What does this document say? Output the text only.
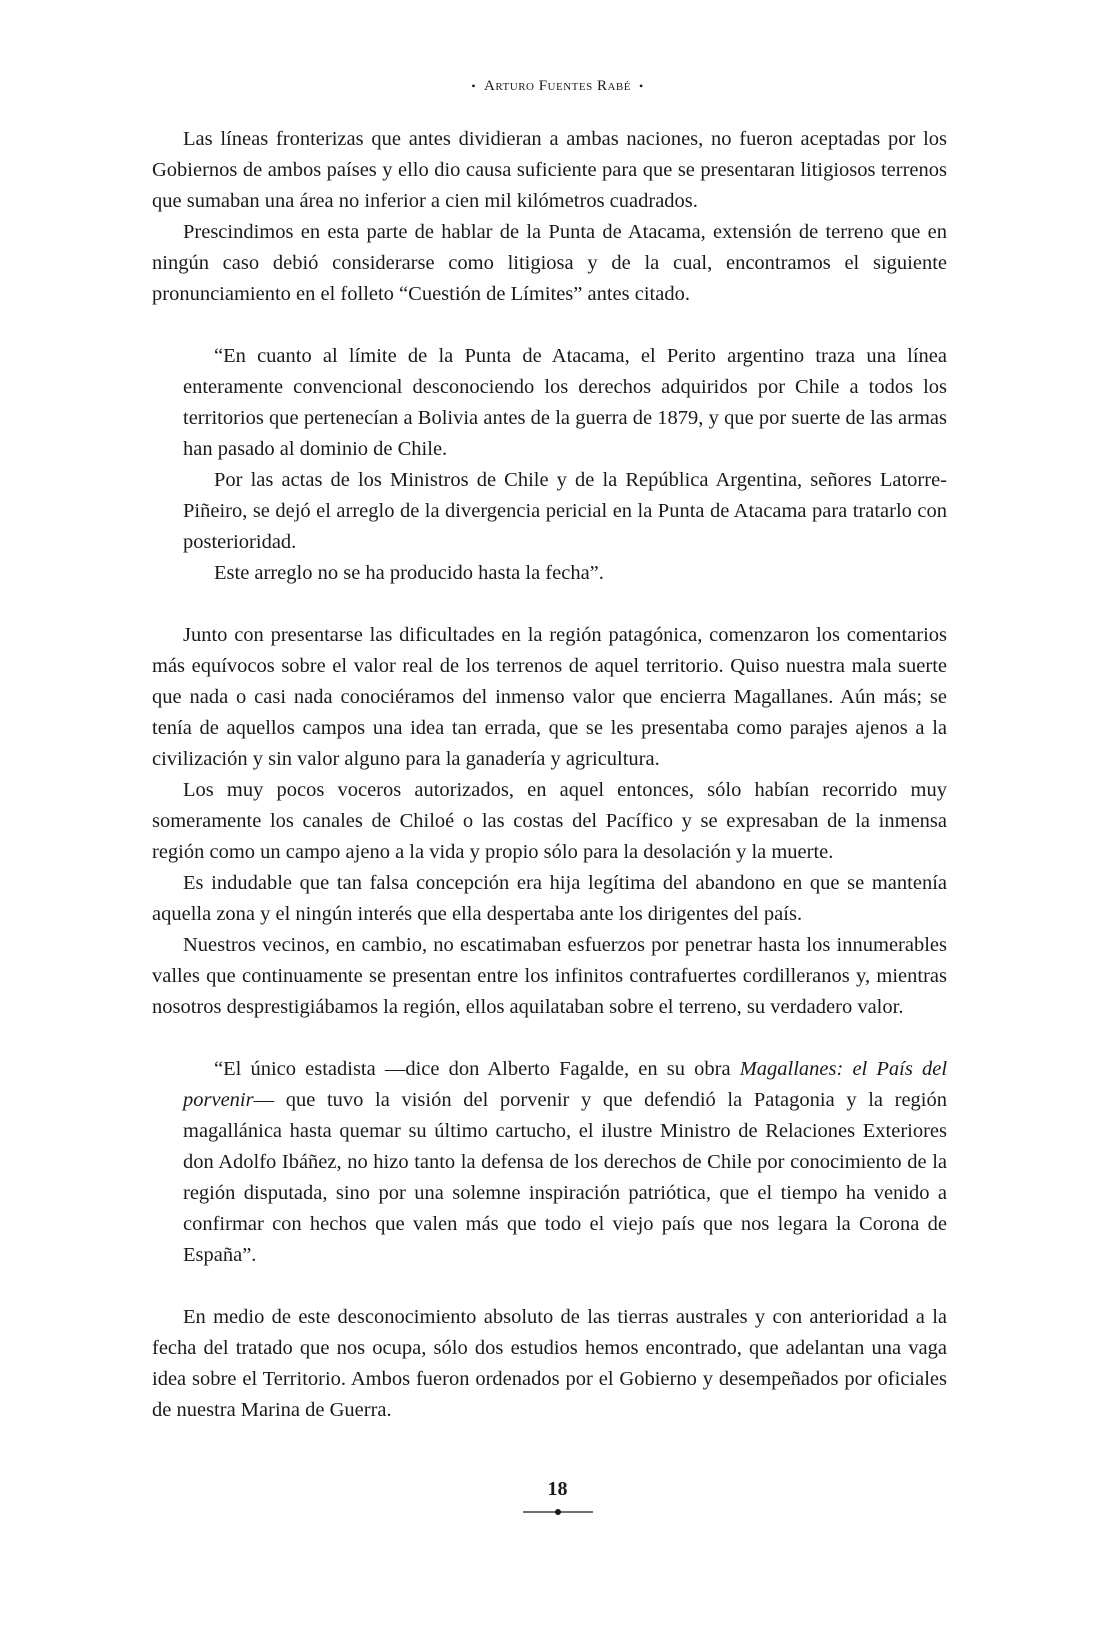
• Arturo Fuentes Rabé •

Las líneas fronterizas que antes dividieran a ambas naciones, no fueron aceptadas por los Gobiernos de ambos países y ello dio causa suficiente para que se presentaran litigiosos terrenos que sumaban una área no inferior a cien mil kilómetros cuadrados.

Prescindimos en esta parte de hablar de la Punta de Atacama, extensión de terreno que en ningún caso debió considerarse como litigiosa y de la cual, encontramos el siguiente pronunciamiento en el folleto “Cuestión de Límites” antes citado.

“En cuanto al límite de la Punta de Atacama, el Perito argentino traza una línea enteramente convencional desconociendo los derechos adquiridos por Chile a todos los territorios que pertenecían a Bolivia antes de la guerra de 1879, y que por suerte de las armas han pasado al dominio de Chile.

Por las actas de los Ministros de Chile y de la República Argentina, señores Latorre-Piñeiro, se dejó el arreglo de la divergencia pericial en la Punta de Atacama para tratarlo con posterioridad.

Este arreglo no se ha producido hasta la fecha”.

Junto con presentarse las dificultades en la región patagónica, comenzaron los comentarios más equívocos sobre el valor real de los terrenos de aquel territorio. Quiso nuestra mala suerte que nada o casi nada conociéramos del inmenso valor que encierra Magallanes. Aún más; se tenía de aquellos campos una idea tan errada, que se les presentaba como parajes ajenos a la civilización y sin valor alguno para la ganadería y agricultura.

Los muy pocos voceros autorizados, en aquel entonces, sólo habían recorrido muy someramente los canales de Chiloé o las costas del Pacífico y se expresaban de la inmensa región como un campo ajeno a la vida y propio sólo para la desolación y la muerte.

Es indudable que tan falsa concepción era hija legítima del abandono en que se mantenía aquella zona y el ningún interés que ella despertaba ante los dirigentes del país.

Nuestros vecinos, en cambio, no escatimaban esfuerzos por penetrar hasta los innumerables valles que continuamente se presentan entre los infinitos contrafuertes cordilleranos y, mientras nosotros desprestigiábamos la región, ellos aquilataban sobre el terreno, su verdadero valor.

“El único estadista —dice don Alberto Fagalde, en su obra Magallanes: el País del porvenir— que tuvo la visión del porvenir y que defendió la Patagonia y la región magallánica hasta quemar su último cartucho, el ilustre Ministro de Relaciones Exteriores don Adolfo Ibáñez, no hizo tanto la defensa de los derechos de Chile por conocimiento de la región disputada, sino por una solemne inspiración patriótica, que el tiempo ha venido a confirmar con hechos que valen más que todo el viejo país que nos legara la Corona de España”.

En medio de este desconocimiento absoluto de las tierras australes y con anterioridad a la fecha del tratado que nos ocupa, sólo dos estudios hemos encontrado, que adelantan una vaga idea sobre el Territorio. Ambos fueron ordenados por el Gobierno y desempeñados por oficiales de nuestra Marina de Guerra.

18
